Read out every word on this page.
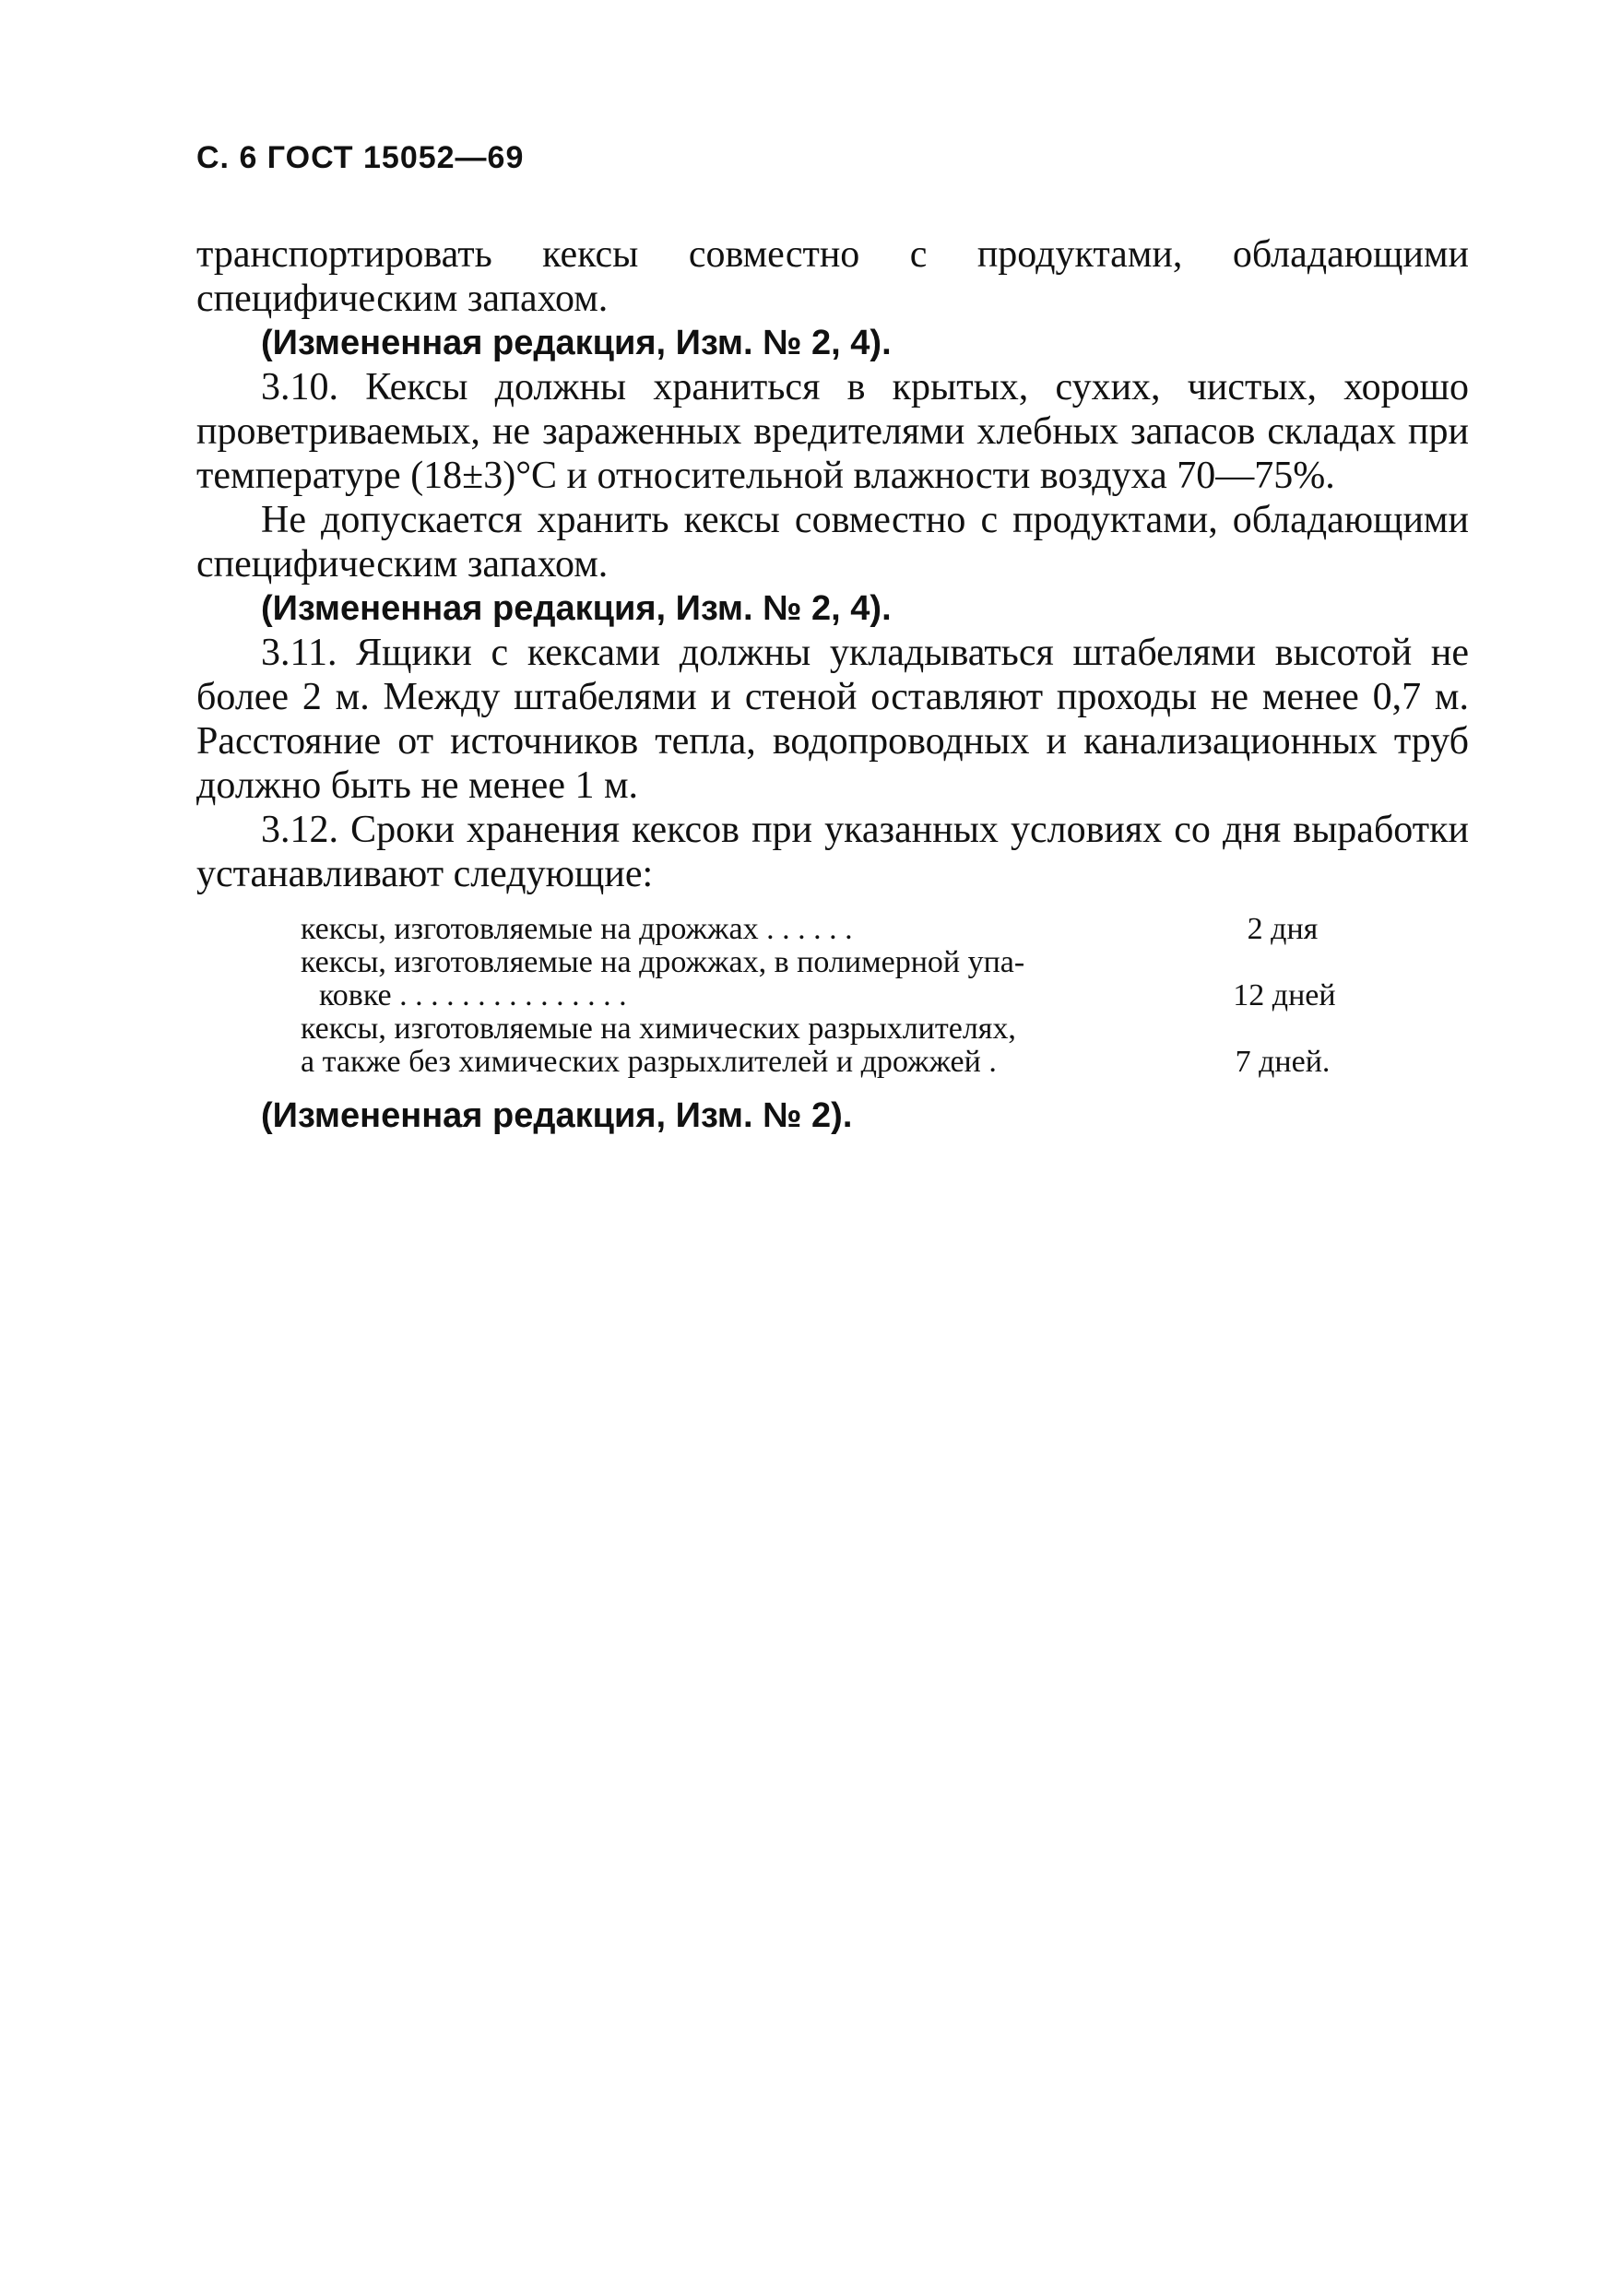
С. 6 ГОСТ 15052—69

транспортировать кексы совместно с продуктами, обладающими специфическим запахом.

(Измененная редакция, Изм. № 2, 4).

3.10. Кексы должны храниться в крытых, сухих, чистых, хорошо проветриваемых, не зараженных вредителями хлебных запасов складах при температуре (18±3)°С и относительной влажности воздуха 70—75%.

Не допускается хранить кексы совместно с продуктами, обладающими специфическим запахом.

(Измененная редакция, Изм. № 2, 4).

3.11. Ящики с кексами должны укладываться штабелями высотой не более 2 м. Между штабелями и стеной оставляют проходы не менее 0,7 м. Расстояние от источников тепла, водопроводных и канализационных труб должно быть не менее 1 м.

3.12. Сроки хранения кексов при указанных условиях со дня выработки устанавливают следующие:

кексы, изготовляемые на дрожжах . . . . . .	2 дня
кексы, изготовляемые на дрожжах, в полимерной упа-
ковке . . . . . . . . . . . . . . .	12 дней
кексы, изготовляемые на химических разрыхлителях,
а также без химических разрыхлителей и дрожжей .	7 дней.

(Измененная редакция, Изм. № 2).
